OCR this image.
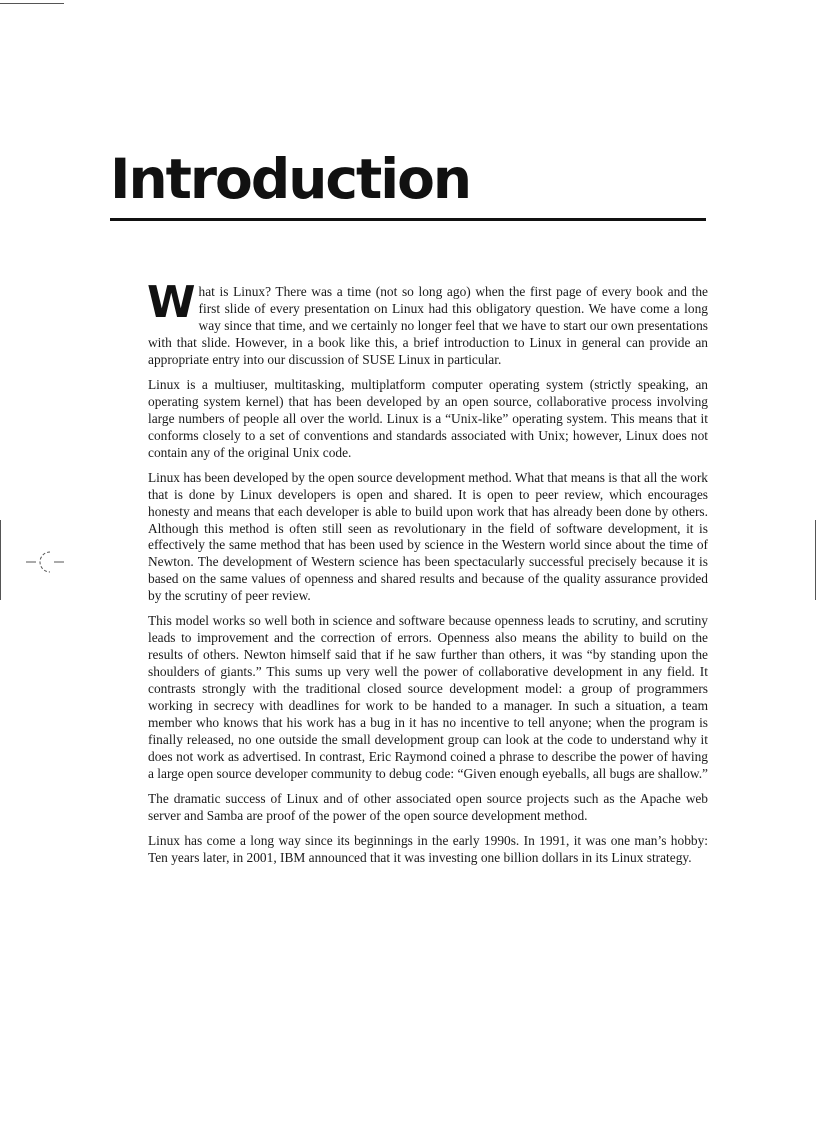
Introduction

What is Linux? There was a time (not so long ago) when the first page of every book and the first slide of every presentation on Linux had this obligatory question. We have come a long way since that time, and we certainly no longer feel that we have to start our own presentations with that slide. However, in a book like this, a brief introduction to Linux in general can provide an appropriate entry into our discussion of SUSE Linux in particular.

Linux is a multiuser, multitasking, multiplatform computer operating system (strictly speaking, an operating system kernel) that has been developed by an open source, collaborative process involving large numbers of people all over the world. Linux is a “Unix-like” operating system. This means that it conforms closely to a set of conventions and standards associated with Unix; however, Linux does not contain any of the original Unix code.

Linux has been developed by the open source development method. What that means is that all the work that is done by Linux developers is open and shared. It is open to peer review, which encourages honesty and means that each developer is able to build upon work that has already been done by others. Although this method is often still seen as revolutionary in the field of software development, it is effectively the same method that has been used by science in the Western world since about the time of Newton. The development of Western science has been spectacularly successful precisely because it is based on the same values of openness and shared results and because of the quality assurance provided by the scrutiny of peer review.

This model works so well both in science and software because openness leads to scrutiny, and scrutiny leads to improvement and the correction of errors. Openness also means the ability to build on the results of others. Newton himself said that if he saw further than others, it was “by standing upon the shoulders of giants.” This sums up very well the power of collaborative development in any field. It contrasts strongly with the traditional closed source development model: a group of programmers working in secrecy with deadlines for work to be handed to a manager. In such a situation, a team member who knows that his work has a bug in it has no incentive to tell anyone; when the program is finally released, no one outside the small development group can look at the code to understand why it does not work as advertised. In contrast, Eric Raymond coined a phrase to describe the power of having a large open source developer community to debug code: “Given enough eyeballs, all bugs are shallow.”

The dramatic success of Linux and of other associated open source projects such as the Apache web server and Samba are proof of the power of the open source development method.

Linux has come a long way since its beginnings in the early 1990s. In 1991, it was one man’s hobby: Ten years later, in 2001, IBM announced that it was investing one billion dollars in its Linux strategy.
